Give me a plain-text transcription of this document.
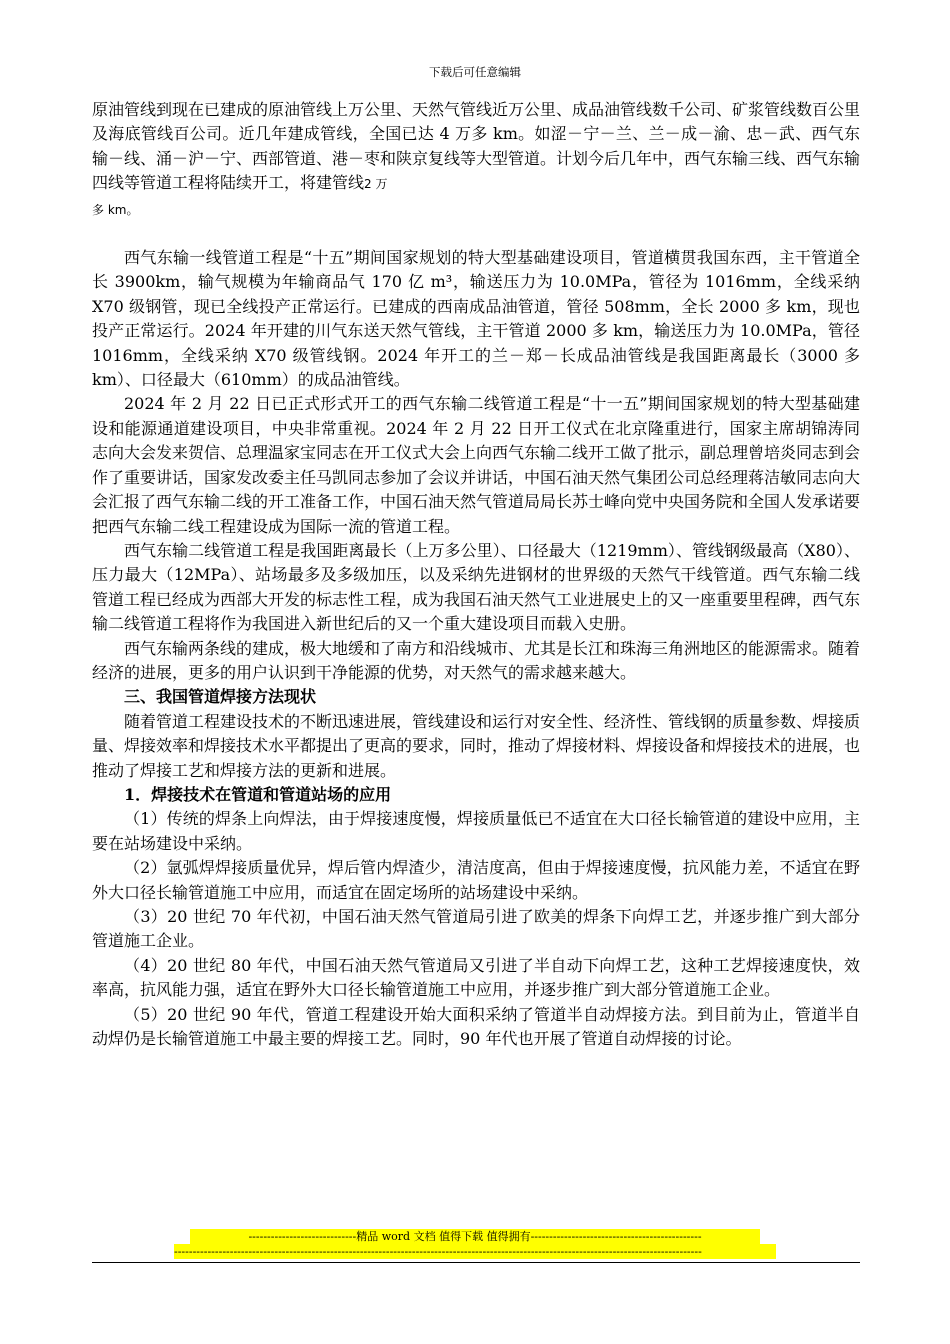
下载后可任意编辑

原油管线到现在已建成的原油管线上万公里、天然气管线近万公里、成品油管线数千公司、矿浆管线数百公里及海底管线百公司。近几年建成管线，全国已达 4 万多 km。如涩－宁－兰、兰－成－渝、忠－武、西气东输－线、涌－沪－宁、西部管道、港－枣和陕京复线等大型管道。计划今后几年中，西气东输三线、西气东输四线等管道工程将陆续开工，将建管线2 万
多 km。

西气东输一线管道工程是“十五”期间国家规划的特大型基础建设项目，管道横贯我国东西，主干管道全长 3900km，输气规模为年输商品气 170 亿 m³，输送压力为 10.0MPa，管径为 1016mm，全线采纳 X70 级钢管，现已全线投产正常运行。已建成的西南成品油管道，管径 508mm，全长 2000 多 km，现也投产正常运行。2024 年开建的川气东送天然气管线，主干管道 2000 多 km，输送压力为 10.0MPa，管径 1016mm，全线采纳 X70 级管线钢。2024 年开工的兰－郑－长成品油管线是我国距离最长（3000 多 km）、口径最大（610mm）的成品油管线。

2024 年 2 月 22 日已正式形式开工的西气东输二线管道工程是“十一五”期间国家规划的特大型基础建设和能源通道建设项目，中央非常重视。2024 年 2 月 22 日开工仪式在北京隆重进行，国家主席胡锦涛同志向大会发来贺信、总理温家宝同志在开工仪式大会上向西气东输二线开工做了批示，副总理曾培炎同志到会作了重要讲话，国家发改委主任马凯同志参加了会议并讲话，中国石油天然气集团公司总经理蒋洁敏同志向大会汇报了西气东输二线的开工准备工作，中国石油天然气管道局局长苏士峰向党中央国务院和全国人发承诺要把西气东输二线工程建设成为国际一流的管道工程。

西气东输二线管道工程是我国距离最长（上万多公里）、口径最大（1219mm）、管线钢级最高（X80）、压力最大（12MPa）、站场最多及多级加压，以及采纳先进钢材的世界级的天然气干线管道。西气东输二线管道工程已经成为西部大开发的标志性工程，成为我国石油天然气工业进展史上的又一座重要里程碑，西气东输二线管道工程将作为我国进入新世纪后的又一个重大建设项目而载入史册。

西气东输两条线的建成，极大地缓和了南方和沿线城市、尤其是长江和珠海三角洲地区的能源需求。随着经济的进展，更多的用户认识到干净能源的优势，对天然气的需求越来越大。

三、我国管道焊接方法现状

随着管道工程建设技术的不断迅速进展，管线建设和运行对安全性、经济性、管线钢的质量参数、焊接质量、焊接效率和焊接技术水平都提出了更高的要求，同时，推动了焊接材料、焊接设备和焊接技术的进展，也推动了焊接工艺和焊接方法的更新和进展。

1．焊接技术在管道和管道站场的应用

（1）传统的焊条上向焊法，由于焊接速度慢，焊接质量低已不适宜在大口径长输管道的建设中应用，主要在站场建设中采纳。

（2）氩弧焊焊接质量优异，焊后管内焊渣少，清洁度高，但由于焊接速度慢，抗风能力差，不适宜在野外大口径长输管道施工中应用，而适宜在固定场所的站场建设中采纳。

（3）20 世纪 70 年代初，中国石油天然气管道局引进了欧美的焊条下向焊工艺，并逐步推广到大部分管道施工企业。

（4）20 世纪 80 年代，中国石油天然气管道局又引进了半自动下向焊工艺，这种工艺焊接速度快，效率高，抗风能力强，适宜在野外大口径长输管道施工中应用，并逐步推广到大部分管道施工企业。

（5）20 世纪 90 年代，管道工程建设开始大面积采纳了管道半自动焊接方法。到目前为止，管道半自动焊仍是长输管道施工中最主要的焊接工艺。同时，90 年代也开展了管道自动焊接的讨论。

-----------------------------精品 word 文档 值得下载 值得拥有----------------------------------------------
----------------------------------------------------------------------------------------------------------------------------------------------
